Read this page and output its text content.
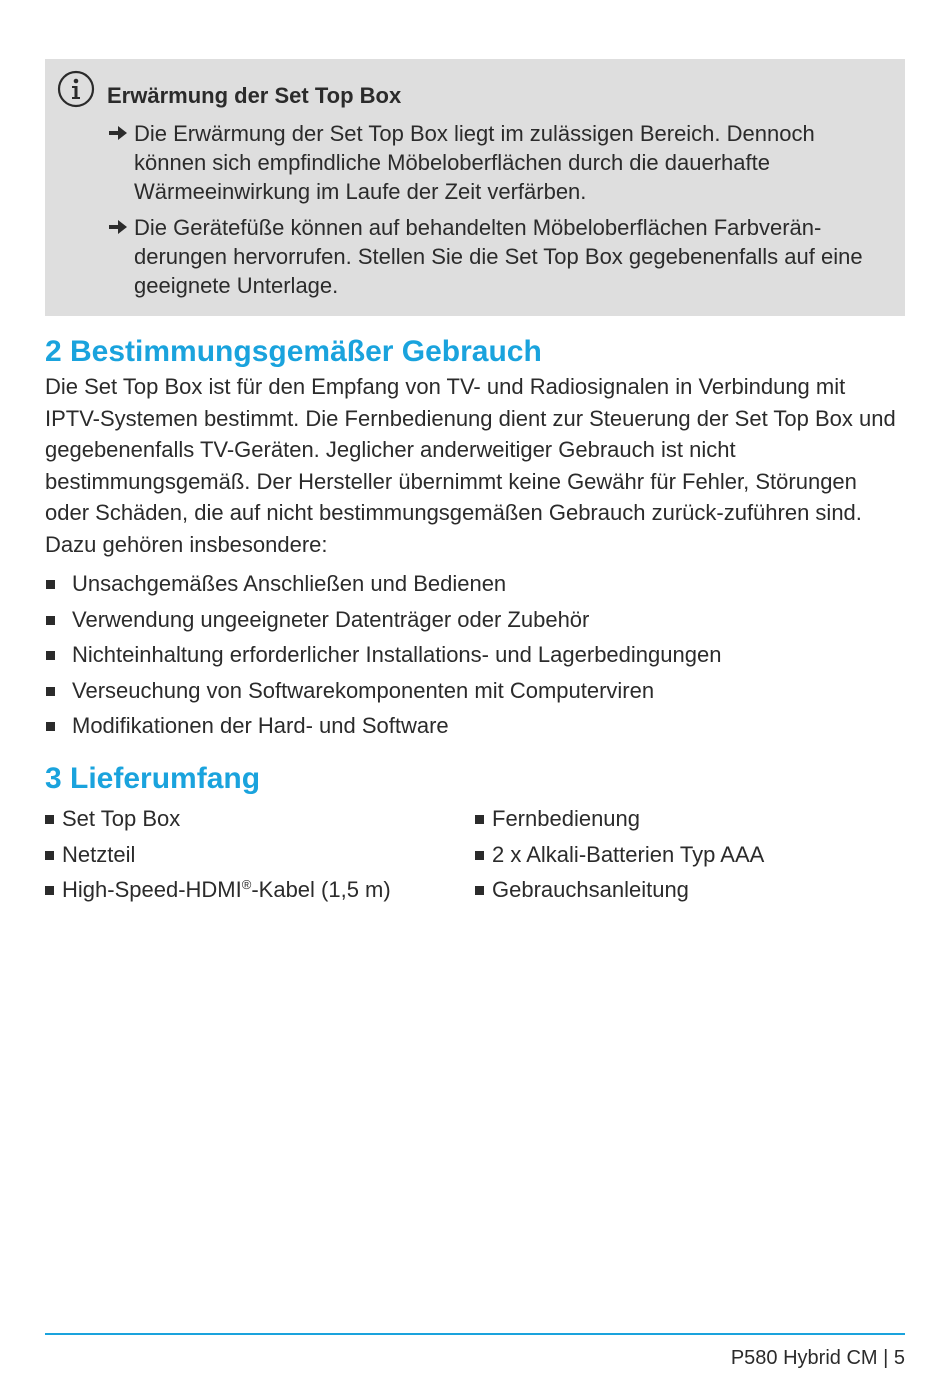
Erwärmung der Set Top Box

Die Erwärmung der Set Top Box liegt im zulässigen Bereich. Dennoch können sich empfindliche Möbeloberflächen durch die dauerhafte Wärmeeinwirkung im Laufe der Zeit verfärben.
Die Gerätefüße können auf behandelten Möbeloberflächen Farbverän-derungen hervorrufen. Stellen Sie die Set Top Box gegebenenfalls auf eine geeignete Unterlage.
2 Bestimmungsgemäßer Gebrauch

Die Set Top Box ist für den Empfang von TV- und Radiosignalen in Verbindung mit IPTV-Systemen bestimmt. Die Fernbedienung dient zur Steuerung der Set Top Box und gegebenenfalls TV-Geräten. Jeglicher anderweitiger Gebrauch ist nicht bestimmungsgemäß. Der Hersteller übernimmt keine Gewähr für Fehler, Störungen oder Schäden, die auf nicht bestimmungsgemäßen Gebrauch zurück-zuführen sind. Dazu gehören insbesondere:

Unsachgemäßes Anschließen und Bedienen
Verwendung ungeeigneter Datenträger oder Zubehör
Nichteinhaltung erforderlicher Installations- und Lagerbedingungen
Verseuchung von Softwarekomponenten mit Computerviren
Modifikationen der Hard- und Software
3 Lieferumfang
Set Top Box
Netzteil
High-Speed-HDMI®-Kabel (1,5 m)
Fernbedienung
2 x Alkali-Batterien Typ AAA
Gebrauchsanleitung
P580 Hybrid CM | 5
